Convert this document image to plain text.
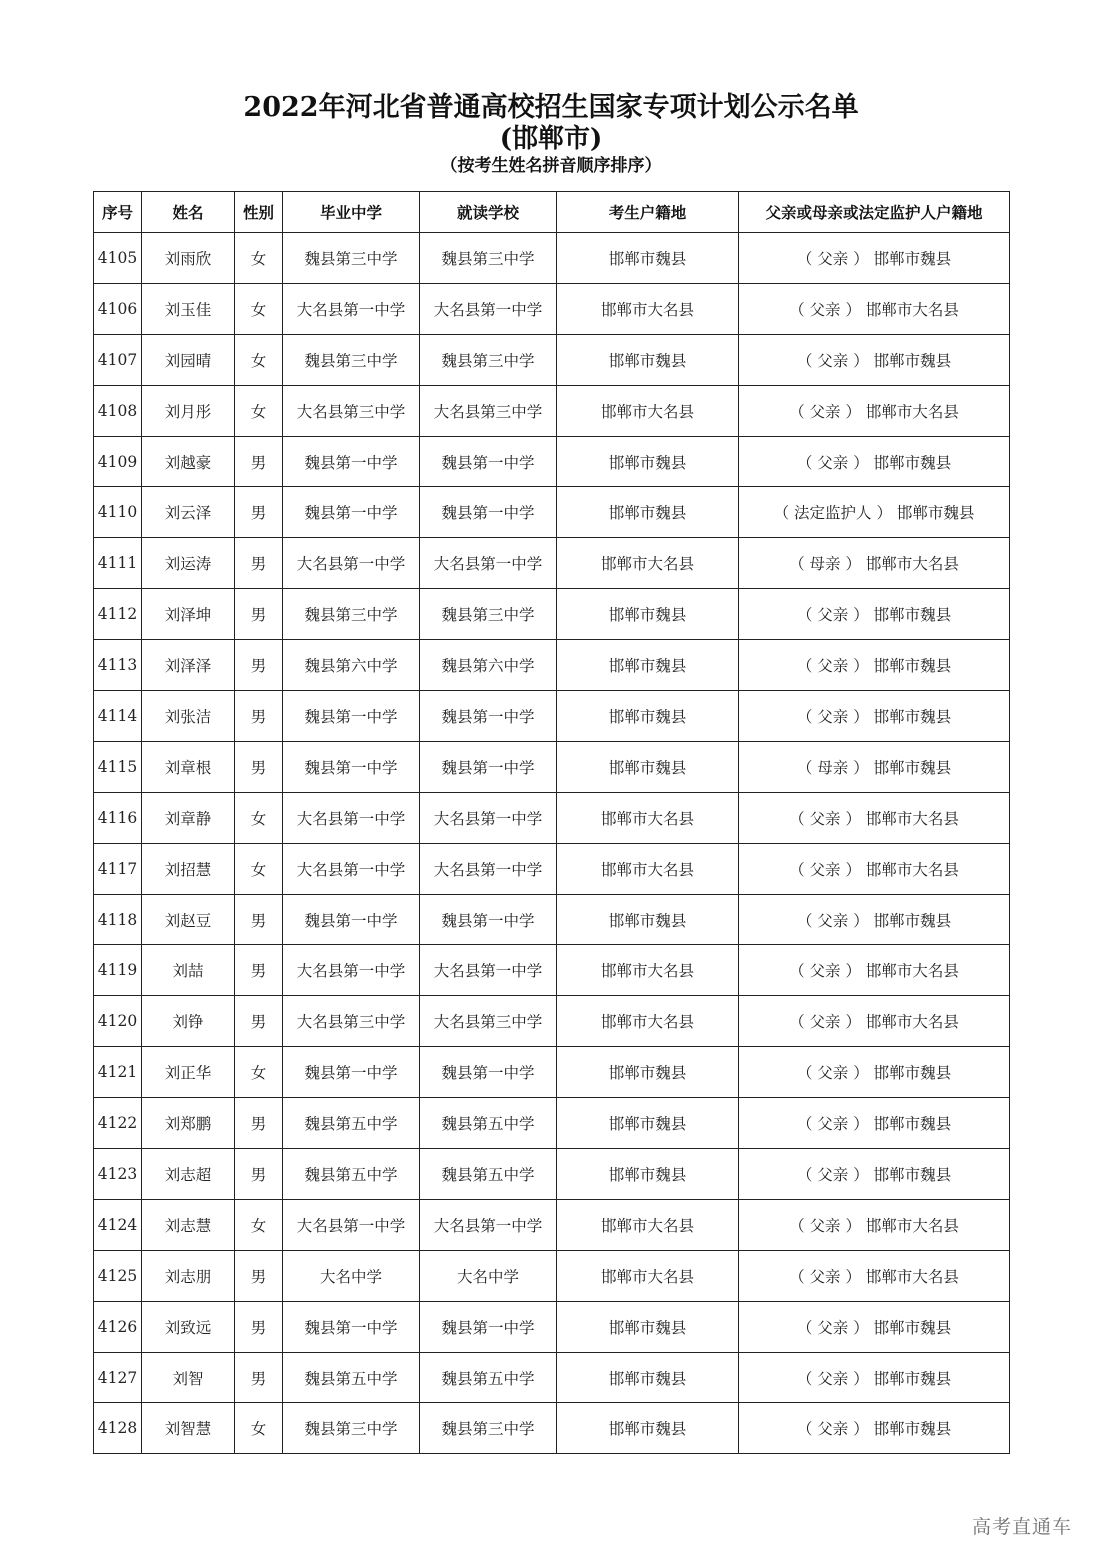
2022年河北省普通高校招生国家专项计划公示名单
(邯郸市)
（按考生姓名拼音顺序排序）
序号	姓名	性别	毕业中学	就读学校	考生户籍地	父亲或母亲或法定监护人户籍地
4105	刘雨欣	女	魏县第三中学	魏县第三中学	邯郸市魏县	（ 父亲 ） 邯郸市魏县
4106	刘玉佳	女	大名县第一中学	大名县第一中学	邯郸市大名县	（ 父亲 ） 邯郸市大名县
4107	刘园晴	女	魏县第三中学	魏县第三中学	邯郸市魏县	（ 父亲 ） 邯郸市魏县
4108	刘月彤	女	大名县第三中学	大名县第三中学	邯郸市大名县	（ 父亲 ） 邯郸市大名县
4109	刘越豪	男	魏县第一中学	魏县第一中学	邯郸市魏县	（ 父亲 ） 邯郸市魏县
4110	刘云泽	男	魏县第一中学	魏县第一中学	邯郸市魏县	（ 法定监护人 ） 邯郸市魏县
4111	刘运涛	男	大名县第一中学	大名县第一中学	邯郸市大名县	（ 母亲 ） 邯郸市大名县
4112	刘泽坤	男	魏县第三中学	魏县第三中学	邯郸市魏县	（ 父亲 ） 邯郸市魏县
4113	刘泽泽	男	魏县第六中学	魏县第六中学	邯郸市魏县	（ 父亲 ） 邯郸市魏县
4114	刘张洁	男	魏县第一中学	魏县第一中学	邯郸市魏县	（ 父亲 ） 邯郸市魏县
4115	刘章根	男	魏县第一中学	魏县第一中学	邯郸市魏县	（ 母亲 ） 邯郸市魏县
4116	刘章静	女	大名县第一中学	大名县第一中学	邯郸市大名县	（ 父亲 ） 邯郸市大名县
4117	刘招慧	女	大名县第一中学	大名县第一中学	邯郸市大名县	（ 父亲 ） 邯郸市大名县
4118	刘赵豆	男	魏县第一中学	魏县第一中学	邯郸市魏县	（ 父亲 ） 邯郸市魏县
4119	刘喆	男	大名县第一中学	大名县第一中学	邯郸市大名县	（ 父亲 ） 邯郸市大名县
4120	刘铮	男	大名县第三中学	大名县第三中学	邯郸市大名县	（ 父亲 ） 邯郸市大名县
4121	刘正华	女	魏县第一中学	魏县第一中学	邯郸市魏县	（ 父亲 ） 邯郸市魏县
4122	刘郑鹏	男	魏县第五中学	魏县第五中学	邯郸市魏县	（ 父亲 ） 邯郸市魏县
4123	刘志超	男	魏县第五中学	魏县第五中学	邯郸市魏县	（ 父亲 ） 邯郸市魏县
4124	刘志慧	女	大名县第一中学	大名县第一中学	邯郸市大名县	（ 父亲 ） 邯郸市大名县
4125	刘志朋	男	大名中学	大名中学	邯郸市大名县	（ 父亲 ） 邯郸市大名县
4126	刘致远	男	魏县第一中学	魏县第一中学	邯郸市魏县	（ 父亲 ） 邯郸市魏县
4127	刘智	男	魏县第五中学	魏县第五中学	邯郸市魏县	（ 父亲 ） 邯郸市魏县
4128	刘智慧	女	魏县第三中学	魏县第三中学	邯郸市魏县	（ 父亲 ） 邯郸市魏县
高考直通车
